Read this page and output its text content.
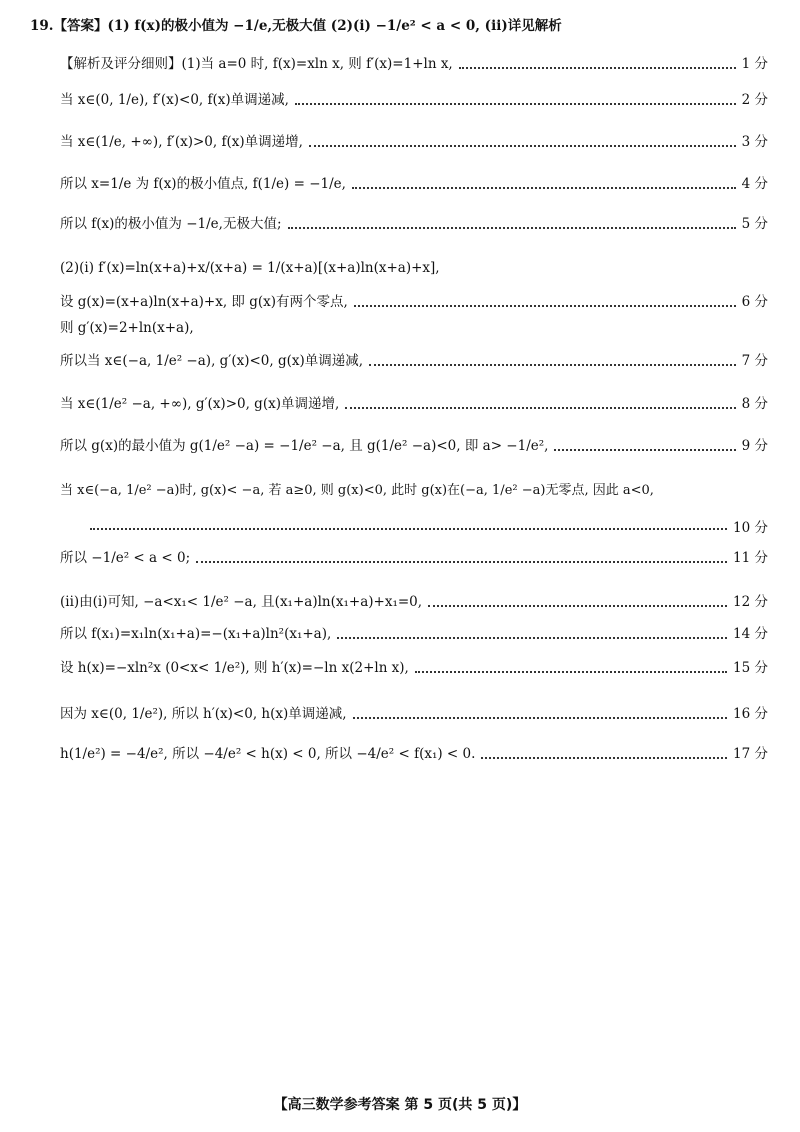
19.【答案】(1) f(x)的极小值为 −1/e,无极大值 (2)(i) −1/e² < a < 0, (ii)详见解析
【解析及评分细则】(1)当 a=0 时, f(x)=xln x, 则 f′(x)=1+ln x,	1 分
当 x∈(0, 1/e), f′(x)<0, f(x)单调递减,	2 分
当 x∈(1/e, +∞), f′(x)>0, f(x)单调递增,	3 分
所以 x=1/e 为 f(x)的极小值点, f(1/e) = −1/e,	4 分
所以 f(x)的极小值为 −1/e,无极大值;	5 分
(2)(i) f′(x)=ln(x+a)+x/(x+a) = 1/(x+a)[(x+a)ln(x+a)+x],
设 g(x)=(x+a)ln(x+a)+x, 即 g(x)有两个零点,	6 分
则 g′(x)=2+ln(x+a),
所以当 x∈(−a, 1/e² −a), g′(x)<0, g(x)单调递减,	7 分
当 x∈(1/e² −a, +∞), g′(x)>0, g(x)单调递增,	8 分
所以 g(x)的最小值为 g(1/e² −a) = −1/e² −a, 且 g(1/e² −a)<0, 即 a> −1/e²,	9 分
当 x∈(−a, 1/e² −a)时, g(x)< −a, 若 a≥0, 则 g(x)<0, 此时 g(x)在(−a, 1/e² −a)无零点, 因此 a<0,
10 分
所以 −1/e² < a < 0;	11 分
(ii)由(i)可知, −a<x₁< 1/e² −a, 且(x₁+a)ln(x₁+a)+x₁=0,	12 分
所以 f(x₁)=x₁ln(x₁+a)=−(x₁+a)ln²(x₁+a),	14 分
设 h(x)=−xln²x (0<x< 1/e²), 则 h′(x)=−ln x(2+ln x),	15 分
因为 x∈(0, 1/e²), 所以 h′(x)<0, h(x)单调递减,	16 分
h(1/e²) = −4/e², 所以 −4/e² < h(x) < 0, 所以 −4/e² < f(x₁) < 0.	17 分
【高三数学参考答案 第 5 页(共 5 页)】
